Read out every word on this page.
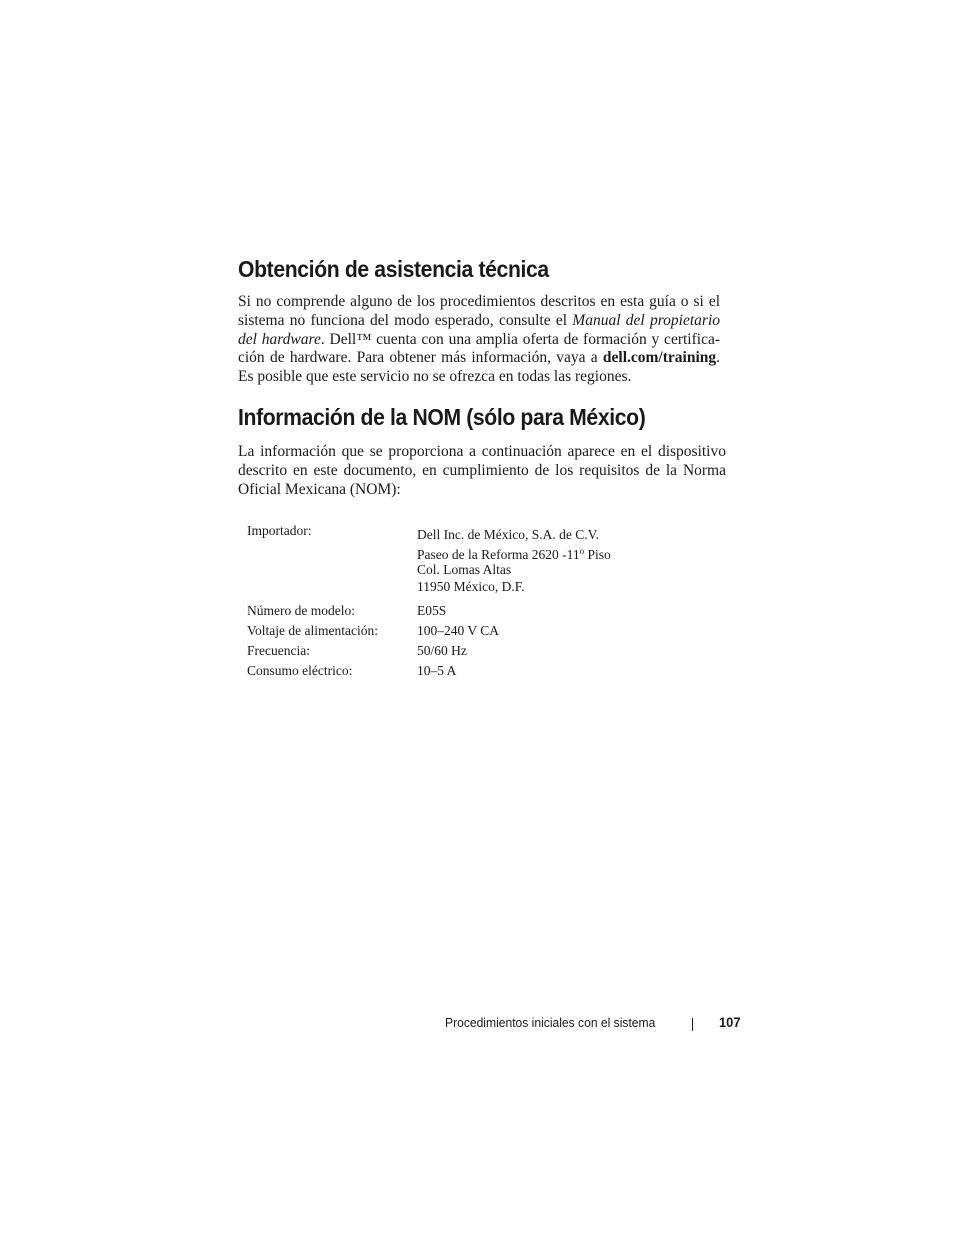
Obtención de asistencia técnica

Si no comprende alguno de los procedimientos descritos en esta guía o si el
sistema no funciona del modo esperado, consulte el Manual del propietario
del hardware. Dell™ cuenta con una amplia oferta de formación y certifica-
ción de hardware. Para obtener más información, vaya a dell.com/training.
Es posible que este servicio no se ofrezca en todas las regiones.

Información de la NOM (sólo para México)

La información que se proporciona a continuación aparece en el dispositivo
descrito en este documento, en cumplimiento de los requisitos de la Norma
Oficial Mexicana (NOM):

Importador:	Dell Inc. de México, S.A. de C.V.
Paseo de la Reforma 2620 -11$^o$ Piso
Col. Lomas Altas
11950 México, D.F.
Número de modelo:	E05S
Voltaje de alimentación:	100–240 V CA
Frecuencia:	50/60 Hz
Consumo eléctrico:	10–5 A
Procedimientos iniciales con el sistema	107
